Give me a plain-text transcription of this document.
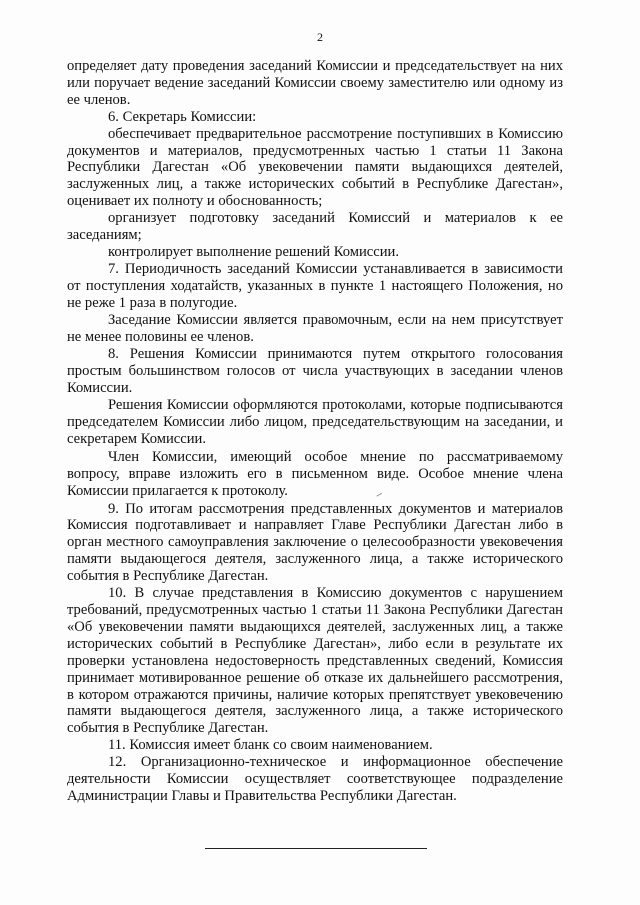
2

определяет дату проведения заседаний Комиссии и председательствует на них или поручает ведение заседаний Комиссии своему заместителю или одному из ее членов.

6. Секретарь Комиссии:

обеспечивает предварительное рассмотрение поступивших в Комиссию документов и материалов, предусмотренных частью 1 статьи 11 Закона Республики Дагестан «Об увековечении памяти выдающихся деятелей, заслуженных лиц, а также исторических событий в Республике Дагестан», оценивает их полноту и обоснованность;

организует подготовку заседаний Комиссий и материалов к ее заседаниям;

контролирует выполнение решений Комиссии.

7. Периодичность заседаний Комиссии устанавливается в зависимости от поступления ходатайств, указанных в пункте 1 настоящего Положения, но не реже 1 раза в полугодие.

Заседание Комиссии является правомочным, если на нем присутствует не менее половины ее членов.

8. Решения Комиссии принимаются путем открытого голосования простым большинством голосов от числа участвующих в заседании членов Комиссии.

Решения Комиссии оформляются протоколами, которые подписываются председателем Комиссии либо лицом, председательствующим на заседании, и секретарем Комиссии.

Член Комиссии, имеющий особое мнение по рассматриваемому вопросу, вправе изложить его в письменном виде. Особое мнение члена Комиссии прилагается к протоколу.

9. По итогам рассмотрения представленных документов и материалов Комиссия подготавливает и направляет Главе Республики Дагестан либо в орган местного самоуправления заключение о целесообразности увековечения памяти выдающегося деятеля, заслуженного лица, а также исторического события в Республике Дагестан.

10. В случае представления в Комиссию документов с нарушением требований, предусмотренных частью 1 статьи 11 Закона Республики Дагестан «Об увековечении памяти выдающихся деятелей, заслуженных лиц, а также исторических событий в Республике Дагестан», либо если в результате их проверки установлена недостоверность представленных сведений, Комиссия принимает мотивированное решение об отказе их дальнейшего рассмотрения, в котором отражаются причины, наличие которых препятствует увековечению памяти выдающегося деятеля, заслуженного лица, а также исторического события в Республике Дагестан.

11. Комиссия имеет бланк со своим наименованием.

12. Организационно-техническое и информационное обеспечение деятельности Комиссии осуществляет соответствующее подразделение Администрации Главы и Правительства Республики Дагестан.
